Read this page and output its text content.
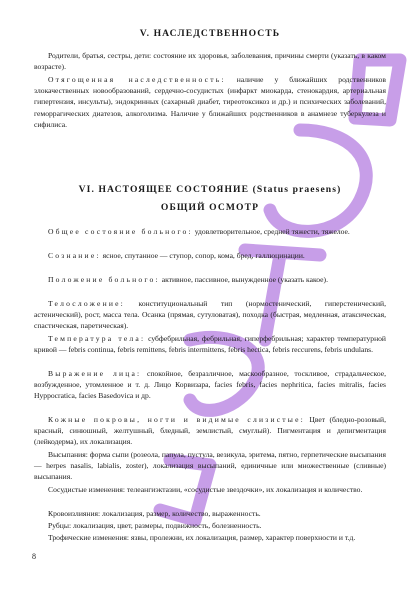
V. НАСЛЕДСТВЕННОСТЬ

Родители, братья, сестры, дети: состояние их здоровья, заболевания, причины смерти (указать, в каком возрасте).

Отягощенная наследственность: наличие у ближайших родственников злокачественных новообразований, сердечно-сосудистых (инфаркт миокарда, стенокардия, артериальная гипертензия, инсульты), эндокринных (сахарный диабет, тиреотоксикоз и др.) и психических заболеваний, геморрагических диатезов, алкоголизма. Наличие у ближайших родственников в анамнезе туберкулеза и сифилиса.

VI. НАСТОЯЩЕЕ СОСТОЯНИЕ (Status praesens)
ОБЩИЙ ОСМОТР

Общее состояние больного: удовлетворительное, средней тяжести, тяжелое.

Сознание: ясное, спутанное — ступор, сопор, кома, бред, галлюцинации.

Положение больного: активное, пассивное, вынужденное (указать какое).

Телосложение: конституциональный тип (нормостенический, гиперстенический, астенический), рост, масса тела. Осанка (прямая, сутуловатая), походка (быстрая, медленная, атаксическая, спастическая, паретическая).

Температура тела: субфебрильная, фебрильная, гиперфебрильная; характер температурной кривой — febris continua, febris remittens, febris intermittens, febris hectica, febris reccurens, febris undulans.

Выражение лица: спокойное, безразличное, маскообразное, тоскливое, страдальческое, возбужденное, утомленное и т. д. Лицо Корвизара, facies febris, facies nephritica, facies mitralis, facies Hyppocratica, facies Basedovica и др.

Кожные покровы, ногти и видимые слизистые: Цвет (бледно-розовый, красный, синюшный, желтушный, бледный, землистый, смуглый). Пигментация и депигментация (лейкодерма), их локализация.

Высыпания: форма сыпи (розеола, папула, пустула, везикула, эритема, пятно, герпетические высыпания — herpes nasalis, labialis, zoster), локализация высыпаний, единичные или множественные (сливные) высыпания.

Сосудистые изменения: телеангиэктазии, «сосудистые звездочки», их локализация и количество.

Кровоизлияния: локализация, размер, количество, выраженность.

Рубцы: локализация, цвет, размеры, подвижность, болезненность.

Трофические изменения: язвы, пролежни, их локализация, размер, характер поверхности и т.д.

8
